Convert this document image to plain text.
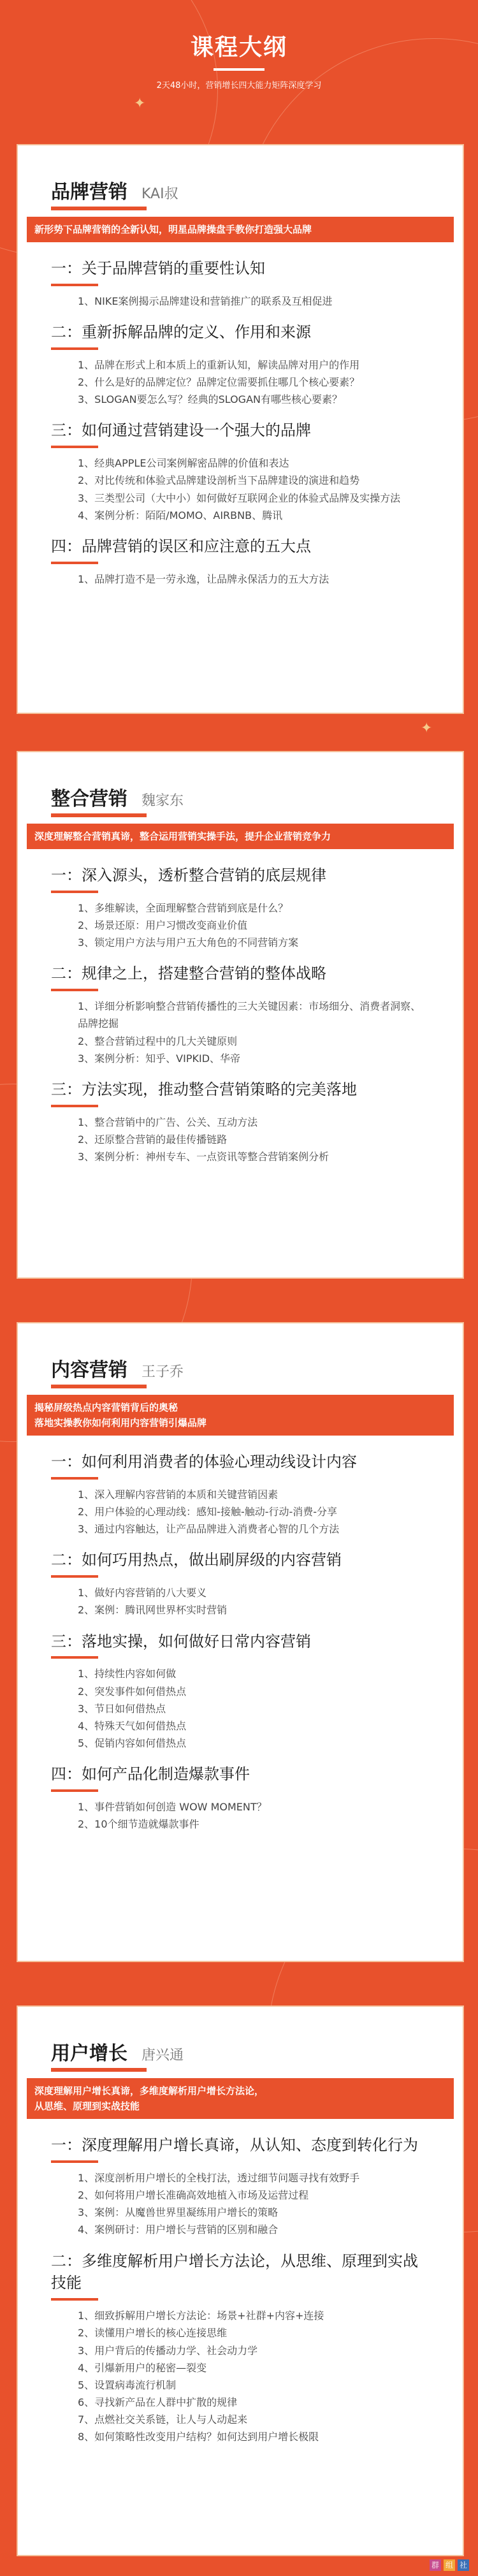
✦
✦
课程大纲
2天48小时，营销增长四大能力矩阵深度学习
品牌营销 KAI叔
新形势下品牌营销的全新认知，明星品牌操盘手教你打造强大品牌
一：关于品牌营销的重要性认知
1、NIKE案例揭示品牌建设和营销推广的联系及互相促进
二：重新拆解品牌的定义、作用和来源
1、品牌在形式上和本质上的重新认知，解读品牌对用户的作用
2、什么是好的品牌定位？品牌定位需要抓住哪几个核心要素？
3、SLOGAN要怎么写？经典的SLOGAN有哪些核心要素？
三：如何通过营销建设一个强大的品牌
1、经典APPLE公司案例解密品牌的价值和表达
2、对比传统和体验式品牌建设剖析当下品牌建设的演进和趋势
3、三类型公司（大中小）如何做好互联网企业的体验式品牌及实操方法
4、案例分析：陌陌/MOMO、AIRBNB、腾讯
四：品牌营销的误区和应注意的五大点
1、品牌打造不是一劳永逸，让品牌永保活力的五大方法
整合营销 魏家东
深度理解整合营销真谛，整合运用营销实操手法，提升企业营销竞争力
一：深入源头，透析整合营销的底层规律
1、多维解读，全面理解整合营销到底是什么？
2、场景还原：用户习惯改变商业价值
3、锁定用户方法与用户五大角色的不同营销方案
二：规律之上，搭建整合营销的整体战略
1、详细分析影响整合营销传播性的三大关键因素：市场细分、消费者洞察、品牌挖掘
2、整合营销过程中的几大关键原则
3、案例分析：知乎、VIPKID、华帝
三：方法实现，推动整合营销策略的完美落地
1、整合营销中的广告、公关、互动方法
2、还原整合营销的最佳传播链路
3、案例分析：神州专车、一点资讯等整合营销案例分析
内容营销 王子乔
揭秘屏级热点内容营销背后的奥秘
落地实操教你如何利用内容营销引爆品牌
一：如何利用消费者的体验心理动线设计内容
1、深入理解内容营销的本质和关键营销因素
2、用户体验的心理动线：感知-接触-触动-行动-消费-分享
3、通过内容触达，让产品品牌进入消费者心智的几个方法
二：如何巧用热点，做出刷屏级的内容营销
1、做好内容营销的八大要义
2、案例：腾讯网世界杯实时营销
三：落地实操，如何做好日常内容营销
1、持续性内容如何做
2、突发事件如何借热点
3、节日如何借热点
4、特殊天气如何借热点
5、促销内容如何借热点
四：如何产品化制造爆款事件
1、事件营销如何创造 WOW MOMENT？
2、10个细节造就爆款事件
用户增长 唐兴通
深度理解用户增长真谛，多维度解析用户增长方法论，
从思维、原理到实战技能
一：深度理解用户增长真谛，从认知、态度到转化行为
1、深度剖析用户增长的全栈打法，透过细节问题寻找有效野手
2、如何将用户增长准确高效地植入市场及运营过程
3、案例：从魔兽世界里凝练用户增长的策略
4、案例研讨：用户增长与营销的区别和融合
二：多维度解析用户增长方法论，从思维、原理到实战技能
1、细致拆解用户增长方法论：场景+社群+内容+连接
2、读懂用户增长的核心连接思维
3、用户背后的传播动力学、社会动力学
4、引爆新用户的秘密—裂变
5、设置病毒流行机制
6、寻找新产品在人群中扩散的规律
7、点燃社交关系链，让人与人动起来
8、如何策略性改变用户结构？如何达到用户增长极限
群 组 社
